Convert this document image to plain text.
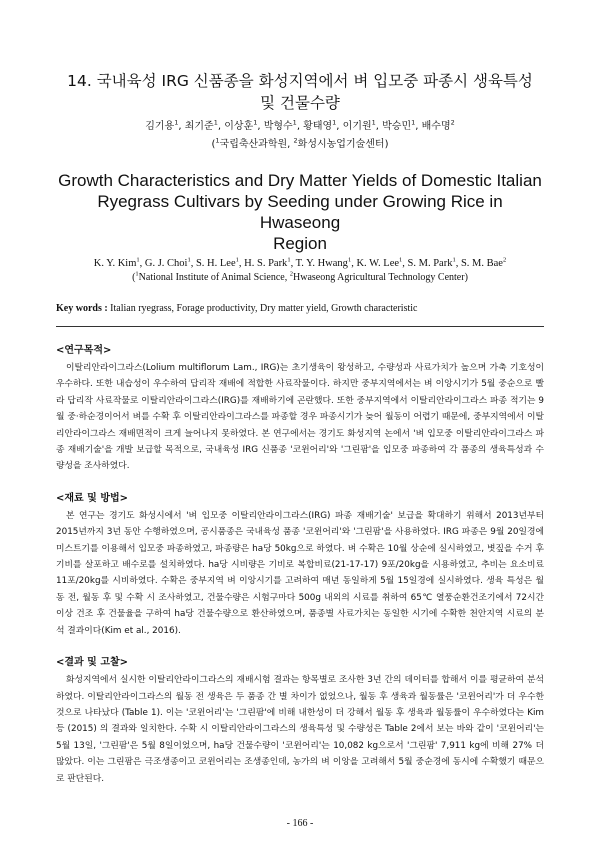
14. 국내육성 IRG 신품종을 화성지역에서 벼 입모중 파종시 생육특성
및 건물수량

김기용$^1$, 최기준$^1$, 이상훈$^1$, 박형수$^1$, 황태영$^1$, 이기원$^1$, 박승민$^1$, 배수명$^2$

($^1$국립축산과학원, $^2$화성시농업기술센터)

Growth Characteristics and Dry Matter Yields of Domestic Italian
Ryegrass Cultivars by Seeding under Growing Rice in Hwaseong
Region

K. Y. Kim$^1$, G. J. Choi$^1$, S. H. Lee$^1$, H. S. Park$^1$, T. Y. Hwang$^1$, K. W. Lee$^1$, S. M. Park$^1$, S. M. Bae$^2$

($^1$National Institute of Animal Science, $^2$Hwaseong Agricultural Technology Center)

Key words : Italian ryegrass, Forage productivity, Dry matter yield, Growth characteristic

<연구목적>

이탈리안라이그라스(Lolium multiflorum Lam., IRG)는 초기생육이 왕성하고, 수량성과 사료가치가 높으며 가축 기호성이 우수하다. 또한 내습성이 우수하여 답리작 재배에 적합한 사료작물이다. 하지만 중부지역에서는 벼 이앙시기가 5월 중순으로 빨라 답리작 사료작물로 이탈리안라이그라스(IRG)를 재배하기에 곤란했다. 또한 중부지역에서 이탈리안라이그라스 파종 적기는 9월 중·하순경이어서 벼를 수확 후 이탈리안라이그라스를 파종할 경우 파종시기가 늦어 월동이 어렵기 때문에, 중부지역에서 이탈리안라이그라스 재배면적이 크게 늘어나지 못하였다. 본 연구에서는 경기도 화성지역 논에서 '벼 입모중 이탈리안라이그라스 파종 재배기술'을 개발 보급할 목적으로, 국내육성 IRG 신품종 '코윈어리'와 '그린팜'을 입모중 파종하여 각 품종의 생육특성과 수량성을 조사하였다.

<재료 및 방법>

본 연구는 경기도 화성시에서 '벼 입모중 이탈리안라이그라스(IRG) 파종 재배기술' 보급을 확대하기 위해서 2013년부터 2015년까지 3년 동안 수행하였으며, 공시품종은 국내육성 품종 '코윈어리'와 '그린팜'을 사용하였다. IRG 파종은 9월 20일경에 미스트기를 이용해서 입모중 파종하였고, 파종량은 ha당 50kg으로 하였다. 벼 수확은 10월 상순에 실시하였고, 볏짚을 수거 후 기비를 살포하고 배수로를 설치하였다. ha당 시비량은 기비로 복합비료(21-17-17) 9포/20kg을 시용하였고, 추비는 요소비료 11포/20kg를 시비하였다. 수확은 중부지역 벼 이앙시기를 고려하여 매년 동일하게 5월 15일경에 실시하였다. 생육 특성은 월동 전, 월동 후 및 수확 시 조사하였고, 건물수량은 시험구마다 500g 내외의 시료를 취하여 65℃ 열풍순환건조기에서 72시간 이상 건조 후 건물율을 구하여 ha당 건물수량으로 환산하였으며, 품종별 사료가치는 동일한 시기에 수확한 천안지역 시료의 분석 결과이다(Kim et al., 2016).

<결과 및 고찰>

화성지역에서 실시한 이탈리안라이그라스의 재배시험 결과는 항목별로 조사한 3년 간의 데이터를 합해서 이를 평균하여 분석하였다. 이탈리안라이그라스의 월동 전 생육은 두 품종 간 별 차이가 없었으나, 월동 후 생육과 월동률은 '코윈어리'가 더 우수한 것으로 나타났다 (Table 1). 이는 '코윈어리'는 '그린팜'에 비해 내한성이 더 강해서 월동 후 생육과 월동률이 우수하였다는 Kim 등 (2015) 의 결과와 일치한다. 수확 시 이탈리안라이그라스의 생육특성 및 수량성은 Table 2에서 보는 바와 같이 '코윈어리'는 5월 13일, '그린팜'은 5월 8일이었으며, ha당 건물수량이 '코윈어리'는 10,082 kg으로서 '그린팜' 7,911 kg에 비해 27% 더 많았다. 이는 그린팜은 극조생종이고 코윈어리는 조생종인데, 농가의 벼 이앙을 고려해서 5월 중순경에 동시에 수확했기 때문으로 판단된다.

- 166 -
